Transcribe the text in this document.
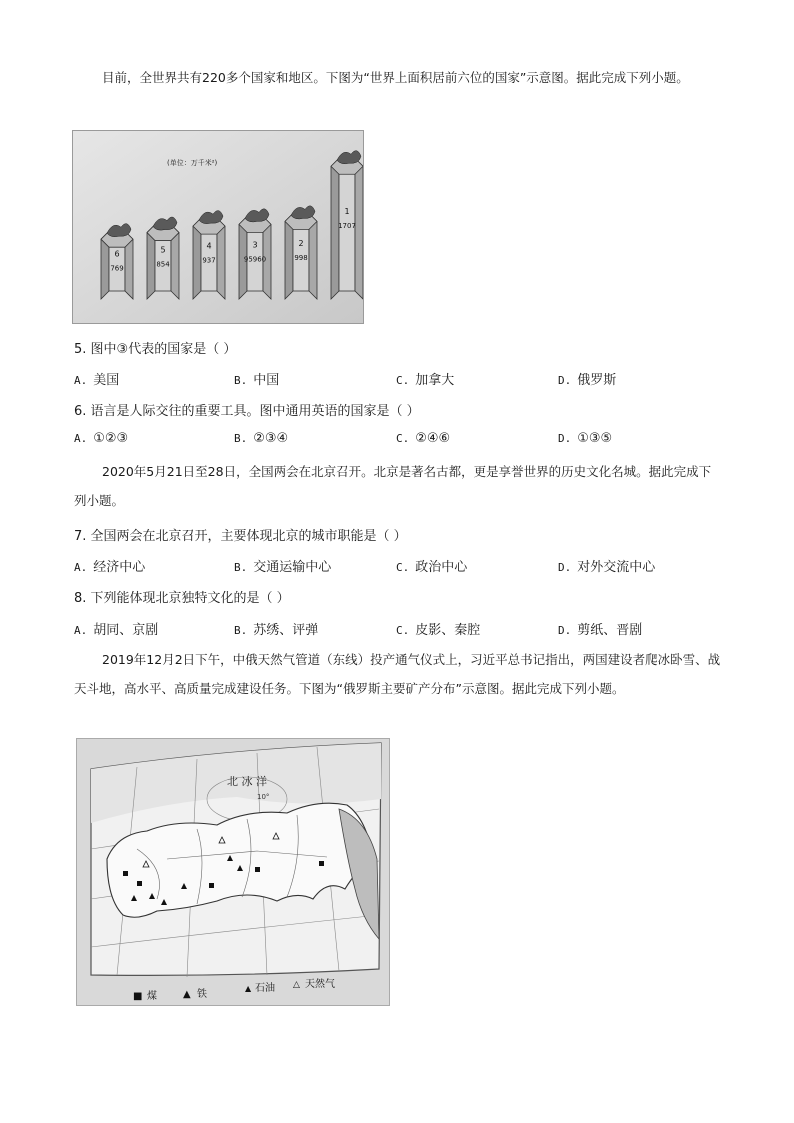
目前，全世界共有220多个国家和地区。下图为“世界上面积居前六位的国家”示意图。据此完成下列小题。

(单位：万千米²)
6
769
5
854
4
937
3
95960
2
998
1
1707

5. 图中③代表的国家是（ ）

A. 美国	B. 中国	C. 加拿大	D. 俄罗斯

6. 语言是人际交往的重要工具。图中通用英语的国家是（ ）

A. ①②③	B. ②③④	C. ②④⑥	D. ①③⑤

2020年5月21日至28日，全国两会在北京召开。北京是著名古都，更是享誉世界的历史文化名城。据此完成下列小题。

7. 全国两会在北京召开，主要体现北京的城市职能是（ ）

A. 经济中心	B. 交通运输中心	C. 政治中心	D. 对外交流中心

8. 下列能体现北京独特文化的是（ ）

A. 胡同、京剧	B. 苏绣、评弹	C. 皮影、秦腔	D. 剪纸、晋剧

2019年12月2日下午，中俄天然气管道（东线）投产通气仪式上，习近平总书记指出，两国建设者爬冰卧雪、战天斗地，高水平、高质量完成建设任务。下图为“俄罗斯主要矿产分布”示意图。据此完成下列小题。

北 冰 洋
10°
■ 煤	▲ 铁
▲ 石油 △ 天然气
